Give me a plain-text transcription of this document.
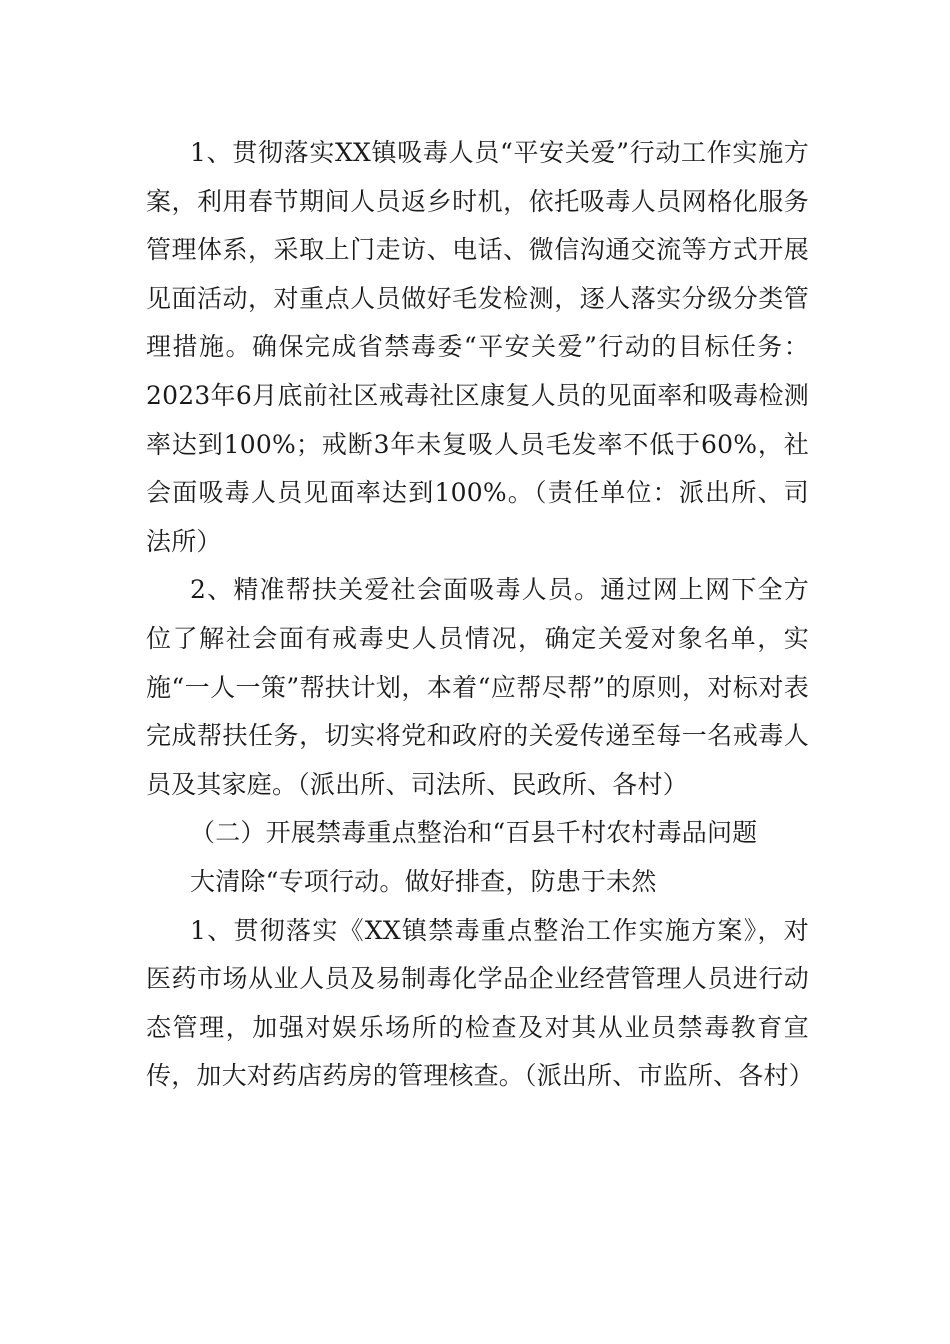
1、贯彻落实XX镇吸毒人员“平安关爱”行动工作实施方案，利用春节期间人员返乡时机，依托吸毒人员网格化服务管理体系，采取上门走访、电话、微信沟通交流等方式开展见面活动，对重点人员做好毛发检测，逐人落实分级分类管理措施。确保完成省禁毒委“平安关爱”行动的目标任务：2023年6月底前社区戒毒社区康复人员的见面率和吸毒检测率达到100%；戒断3年未复吸人员毛发率不低于60%，社会面吸毒人员见面率达到100%。（责任单位：派出所、司法所）

2、精准帮扶关爱社会面吸毒人员。通过网上网下全方位了解社会面有戒毒史人员情况，确定关爱对象名单，实施“一人一策”帮扶计划，本着“应帮尽帮”的原则，对标对表完成帮扶任务，切实将党和政府的关爱传递至每一名戒毒人员及其家庭。（派出所、司法所、民政所、各村）

（二）开展禁毒重点整治和“百县千村农村毒品问题
大清除“专项行动。做好排查，防患于未然

1、贯彻落实《XX镇禁毒重点整治工作实施方案》，对医药市场从业人员及易制毒化学品企业经营管理人员进行动态管理，加强对娱乐场所的检查及对其从业员禁毒教育宣传，加大对药店药房的管理核查。（派出所、市监所、各村）
